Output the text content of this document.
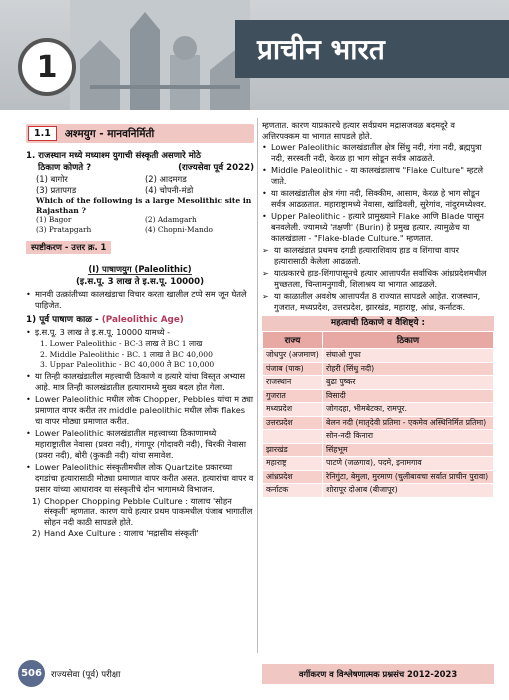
प्राचीन भारत
1
1.1	अश्मयुग - मानवनिर्मिती
1. राजस्थान मध्ये मध्याश्म युगाची संस्कृती असणारे मोठे
ठिकाण कोणते ?	(राज्यसेवा पूर्व 2022)
(1) बागोर	(2) आदमगड
(3) प्रतापगड	(4) चोपनी-मंडो
Which of the following is a large Mesolithic site in Rajasthan ?
(1) Bagor	(2) Adamgarh
(3) Pratapgarh	(4) Chopni-Mando
स्पष्टीकरण - उत्तर क्र. 1
(I) पाषाणयुग (Paleolithic)
(इ.स.पू. 3 लाख ते इ.स.पू. 10000)
• मानवी उत्क्रांतीच्या कालखंडाचा विचार करता खालील टप्पे सम जून घेतले पाहिजेत.
1) पूर्व पाषाण काळ - (Paleolithic Age)
• इ.स.पू. 3 लाख ते इ.स.पू. 10000 यामध्ये -
1. Lower Paleolithic - BC-3 लाख ते BC 1 लाख
2. Middle Paleolithic - BC. 1 लाख ते BC 40,000
3. Uppar Paleolithic - BC 40,000 ते BC 10,000
• या तिन्ही कालखंडातील महत्त्वाची ठिकाणे व हत्यारे यांचा विस्तृत अभ्यास आहे. मात्र तिन्ही कालखंडातील हत्यारामध्ये मुख्य बदल होत गेला.
• Lower Paleolithic मधील लोक Chopper, Pebbles यांचा म ठ्या प्रमाणात वापर करीत तर middle paleolithic मधील लोक flakes चा वापर मोठ्या प्रमाणात करीत.
• Lower Paleolithic कालखंडातील महत्त्वाच्या ठिकाणामध्ये महाराष्ट्रातील नेवासा (प्रवरा नदी), गंगापूर (गोदावरी नदी), चिरकी नेवासा (प्रवरा नदी), बोरी (कुकडी नदी) यांचा समावेश.
• Lower Paleolithic संस्कृतीमधील लोक Quartzite प्रकारच्या दगडांचा हत्यारासाठी मोठ्या प्रमाणात वापर करीत असत. हत्यारांचा वापर व प्रसार यांच्या आधारावर या संस्कृतीचे दोन भागामध्ये विभाजन.
1) Chopper Chopping Pebble Culture : यालाच 'सोहन संस्कृती' म्हणतात. कारण याचे हत्यार प्रथम पाकमधील पंजाब भागातील सोहन नदी काठी सापडले होते.
2) Hand Axe Culture : यालाच 'मद्रासीय संस्कृती'
म्हणतात. कारण याप्रकारचे हत्यार सर्वप्रथम मद्रासजवळ बदमदूरे व अत्तिरपक्कम या भागात सापडले होते.
• Lower Paleolithic कालखंडातील क्षेत्र सिंधु नदी, गंगा नदी, ब्रह्मपुत्रा नदी, सरस्वती नदी, केरळ हा भाग सोडून सर्वत्र आढळते.
• Middle Paleolithic - या कालखंडालाच "Flake Culture" म्हटले जाते.
• या कालखंडातील क्षेत्र गंगा नदी, सिक्कीम, आसाम, केरळ हे भाग सोडून सर्वत्र आढळतात. महाराष्ट्रामध्ये नेवासा, खांडिवली, सुरेगांव, नांदुरमध्येश्वर.
• Upper Paleolithic - हत्यारे प्रामुख्याने Flake आणि Blade पासून बनवलेली. ज्यामध्ये 'तक्षणी' (Burin) हे प्रमुख हत्यार. त्यामुळेच या कालखंडाला - "Flake-blade Culture." म्हणतात.
➢ या कालखंडात प्रथमच दगडी हत्याराशिवाय हाड व शिंगाचा वापर हत्यारासाठी केलेला आढळतो.
➢ यात्प्रकारचे हाड-शिंगापासूनचे हत्यार आत्तापर्यंत सर्वाधिक आंध्रप्रदेशमधील मुच्छतला, चिन्तामनुगावी, शिलाश्रय या भागात आढळले.
➢ या काळातील अवशेष आत्तापर्यंत 8 राज्यात सापडले आहेत. राजस्थान, गुजरात, मध्यप्रदेश, उत्तरप्रदेश, झारखंड, महाराष्ट्र, आंध्र, कर्नाटक.
महत्वाची ठिकाणे व वैशिष्ट्ये :
राज्य	ठिकाण
जोधपुर (अजमाण)	संघाओ गुफा
पंजाब (पाक)	रोहरी (सिंधु नदी)
राजस्थान	बुढा पुष्कर
गुजरात	विसादी
मध्यप्रदेश	जोगदहा, भीमबेटका, रामपूर.
उत्तरप्रदेश	बेलन नदी (मातृदेवी प्रतिमा - एकमेव अस्थिनिर्मित प्रतिमा)
	सोन-नदी किनारा
झारखंड	सिंहभूम
महाराष्ट्र	पाटणे (जळगाव), पदमे, इनामगाव
आंध्रप्रदेश	रेनिगुंटा, बेमुला, मुरमाण (चुलीबावचा सर्वात प्राचीन पुरावा)
कर्नाटक	शोरापूर दोआब (बीजापूर)
506	राज्यसेवा (पूर्व) परीक्षा	वर्गीकरण व विश्लेषणात्मक प्रश्नसंच 2012-2023
